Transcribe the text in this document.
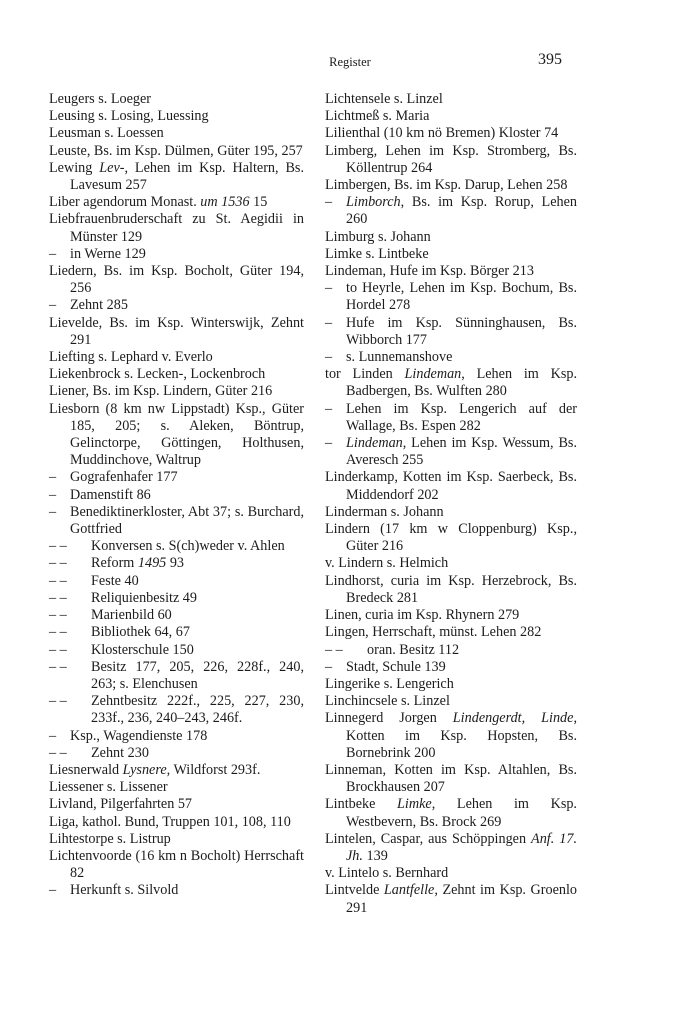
Register	395
Leugers s. Loeger
Leusing s. Losing, Luessing
Leusman s. Loessen
Leuste, Bs. im Ksp. Dülmen, Güter 195, 257
Lewing Lev-, Lehen im Ksp. Haltern, Bs. Lavesum 257
Liber agendorum Monast. um 1536 15
Liebfrauenbruderschaft zu St. Aegidii in Münster 129
– in Werne 129
Liedern, Bs. im Ksp. Bocholt, Güter 194, 256
– Zehnt 285
Lievelde, Bs. im Ksp. Winterswijk, Zehnt 291
Liefting s. Lephard v. Everlo
Liekenbrock s. Lecken-, Lockenbroch
Liener, Bs. im Ksp. Lindern, Güter 216
Liesborn (8 km nw Lippstadt) Ksp., Güter 185, 205; s. Aleken, Böntrup, Gelinctorpe, Göttingen, Holthusen, Muddinchove, Waltrup
– Gografenhafer 177
– Damenstift 86
– Benediktinerkloster, Abt 37; s. Burchard, Gottfried
– – Konversen s. S(ch)weder v. Ahlen
– – Reform 1495 93
– – Feste 40
– – Reliquienbesitz 49
– – Marienbild 60
– – Bibliothek 64, 67
– – Klosterschule 150
– – Besitz 177, 205, 226, 228f., 240, 263; s. Elenchusen
– – Zehntbesitz 222f., 225, 227, 230, 233f., 236, 240–243, 246f.
– Ksp., Wagendienste 178
– – Zehnt 230
Liesnerwald Lysnere, Wildforst 293f.
Liessener s. Lissener
Livland, Pilgerfahrten 57
Liga, kathol. Bund, Truppen 101, 108, 110
Lihtestorpe s. Listrup
Lichtenvoorde (16 km n Bocholt) Herrschaft 82
– Herkunft s. Silvold
Lichtensele s. Linzel
Lichtmeß s. Maria
Lilienthal (10 km nö Bremen) Kloster 74
Limberg, Lehen im Ksp. Stromberg, Bs. Köllentrup 264
Limbergen, Bs. im Ksp. Darup, Lehen 258
– Limborch, Bs. im Ksp. Rorup, Lehen 260
Limburg s. Johann
Limke s. Lintbeke
Lindeman, Hufe im Ksp. Börger 213
– to Heyrle, Lehen im Ksp. Bochum, Bs. Hordel 278
– Hufe im Ksp. Sünninghausen, Bs. Wibborch 177
– s. Lunnemanshove
tor Linden Lindeman, Lehen im Ksp. Badbergen, Bs. Wulften 280
– Lehen im Ksp. Lengerich auf der Wallage, Bs. Espen 282
– Lindeman, Lehen im Ksp. Wessum, Bs. Averesch 255
Linderkamp, Kotten im Ksp. Saerbeck, Bs. Middendorf 202
Linderman s. Johann
Lindern (17 km w Cloppenburg) Ksp., Güter 216
v. Lindern s. Helmich
Lindhorst, curia im Ksp. Herzebrock, Bs. Bredeck 281
Linen, curia im Ksp. Rhynern 279
Lingen, Herrschaft, münst. Lehen 282
– – oran. Besitz 112
– Stadt, Schule 139
Lingerike s. Lengerich
Linchincsele s. Linzel
Linnegerd Jorgen Lindengerdt, Linde, Kotten im Ksp. Hopsten, Bs. Bornebrink 200
Linneman, Kotten im Ksp. Altahlen, Bs. Brockhausen 207
Lintbeke Limke, Lehen im Ksp. Westbevern, Bs. Brock 269
Lintelen, Caspar, aus Schöppingen Anf. 17. Jh. 139
v. Lintelo s. Bernhard
Lintvelde Lantfelle, Zehnt im Ksp. Groenlo 291
